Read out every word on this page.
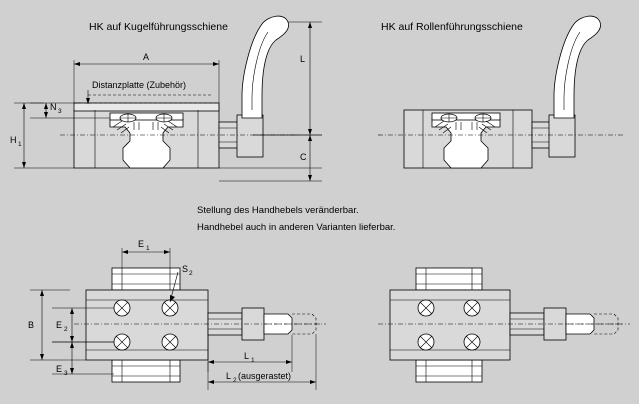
HK auf Kugelführungsschiene	HK auf Rollenführungsschiene
A
Distanzplatte (Zubehör)
N 3
H 1
L
C
Stellung des Handhebels veränderbar.
Handhebel auch in anderen Varianten lieferbar.
E 1
S 2
E 2
B
E 3
L 1
L 2 (ausgerastet)
